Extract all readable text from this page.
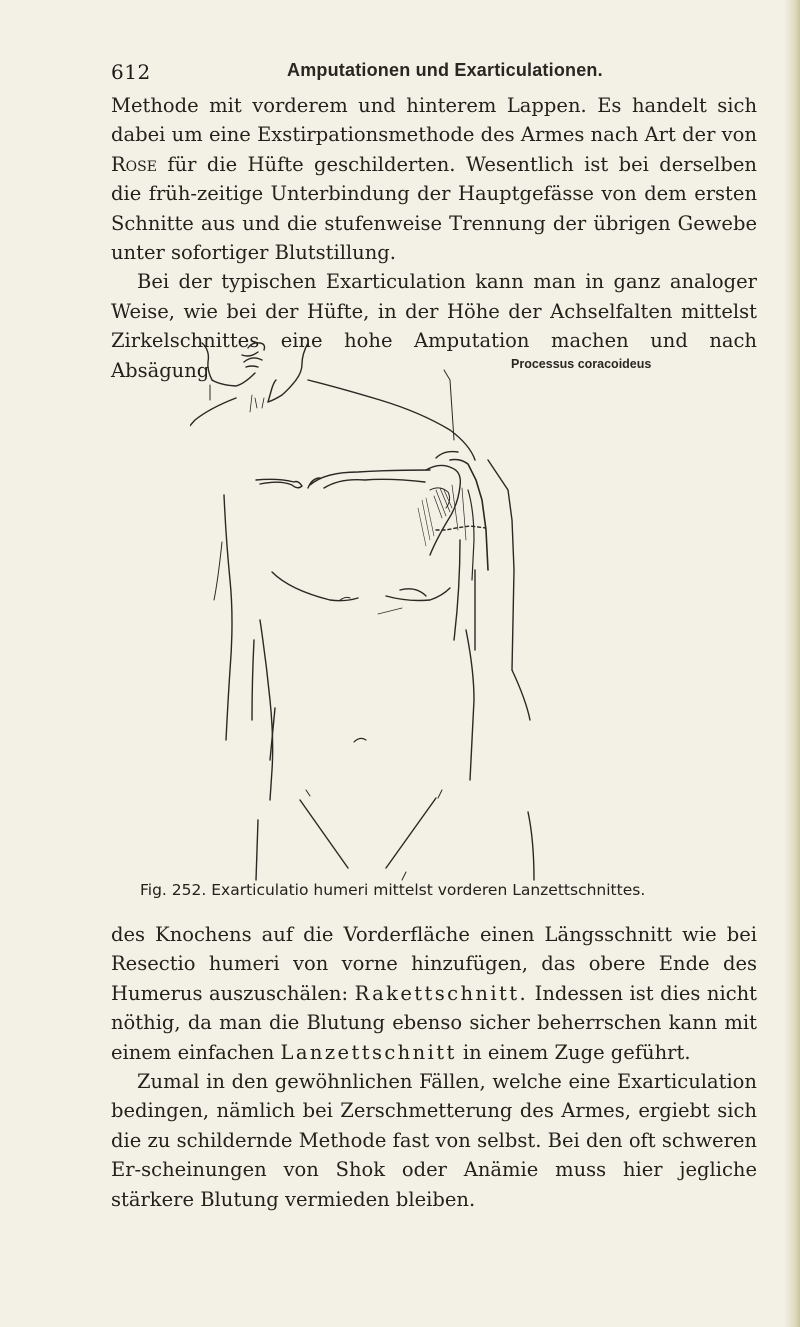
612	Amputationen und Exarticulationen.

Methode mit vorderem und hinterem Lappen. Es handelt sich dabei um eine Exstirpationsmethode des Armes nach Art der von Rose für die Hüfte geschilderten. Wesentlich ist bei derselben die früh-zeitige Unterbindung der Hauptgefässe von dem ersten Schnitte aus und die stufenweise Trennung der übrigen Gewebe unter sofortiger Blutstillung.

Bei der typischen Exarticulation kann man in ganz analoger Weise, wie bei der Hüfte, in der Höhe der Achselfalten mittelst Zirkelschnittes eine hohe Amputation machen und nach Absägung	Processus coracoideus
Fig. 252. Exarticulatio humeri mittelst vorderen Lanzettschnittes.

des Knochens auf die Vorderfläche einen Längsschnitt wie bei Resectio humeri von vorne hinzufügen, das obere Ende des Humerus auszuschälen: Rakettschnitt. Indessen ist dies nicht nöthig, da man die Blutung ebenso sicher beherrschen kann mit einem einfachen Lanzettschnitt in einem Zuge geführt.

Zumal in den gewöhnlichen Fällen, welche eine Exarticulation bedingen, nämlich bei Zerschmetterung des Armes, ergiebt sich die zu schildernde Methode fast von selbst. Bei den oft schweren Er-scheinungen von Shok oder Anämie muss hier jegliche stärkere Blutung vermieden bleiben.
